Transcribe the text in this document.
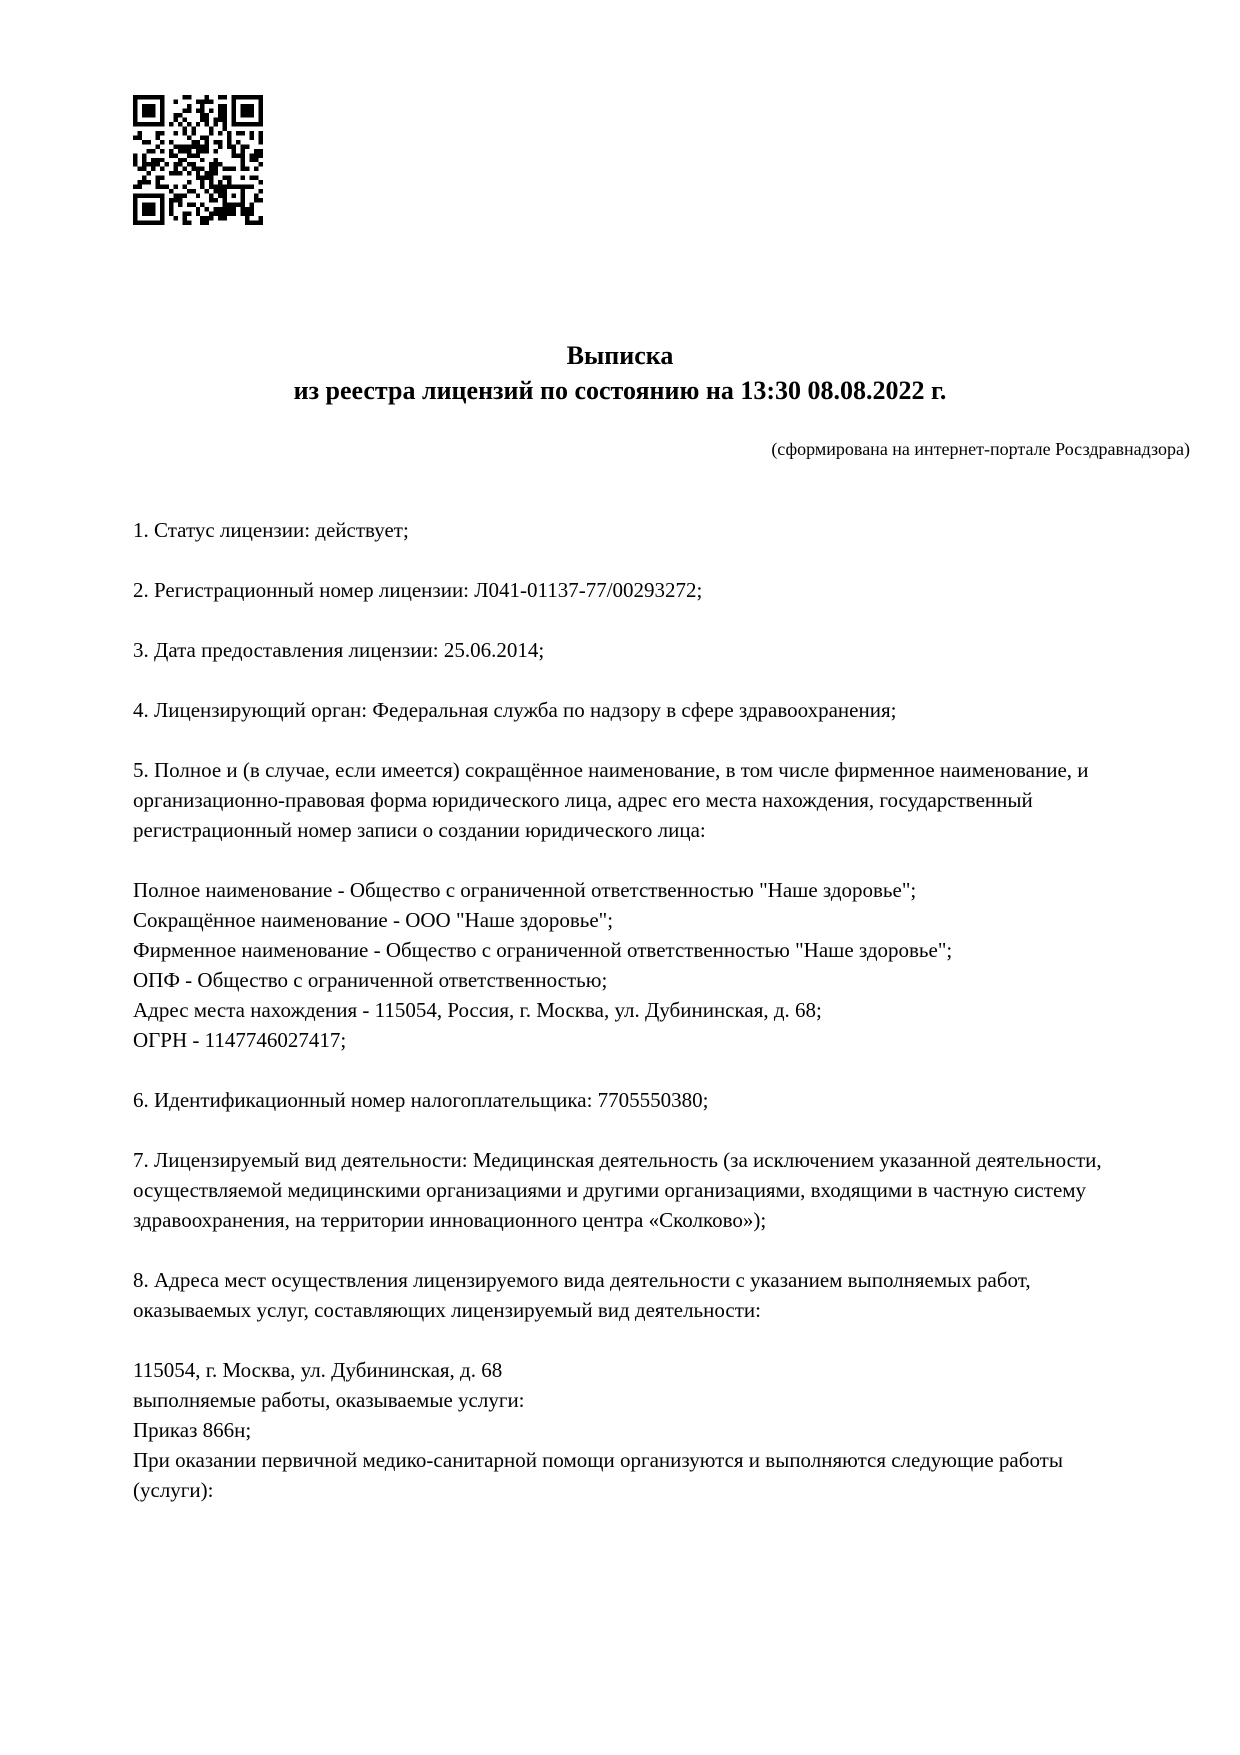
Выписка
из реестра лицензий по состоянию на 13:30 08.08.2022 г.
(сформирована на интернет-портале Росздравнадзора)
1. Статус лицензии: действует;
2. Регистрационный номер лицензии: Л041-01137-77/00293272;
3. Дата предоставления лицензии: 25.06.2014;
4. Лицензирующий орган: Федеральная служба по надзору в сфере здравоохранения;
5. Полное и (в случае, если имеется) сокращённое наименование, в том числе фирменное наименование, и организационно-правовая форма юридического лица, адрес его места нахождения, государственный регистрационный номер записи о создании юридического лица:
Полное наименование - Общество с ограниченной ответственностью "Наше здоровье";
Сокращённое наименование - ООО "Наше здоровье";
Фирменное наименование - Общество с ограниченной ответственностью "Наше здоровье";
ОПФ - Общество с ограниченной ответственностью;
Адрес места нахождения - 115054, Россия, г. Москва, ул. Дубининская, д. 68;
ОГРН - 1147746027417;
6. Идентификационный номер налогоплательщика: 7705550380;
7. Лицензируемый вид деятельности: Медицинская деятельность (за исключением указанной деятельности, осуществляемой медицинскими организациями и другими организациями, входящими в частную систему здравоохранения, на территории инновационного центра «Сколково»);
8. Адреса мест осуществления лицензируемого вида деятельности с указанием выполняемых работ, оказываемых услуг, составляющих лицензируемый вид деятельности:
115054, г. Москва, ул. Дубининская, д. 68
выполняемые работы, оказываемые услуги:
Приказ 866н;
При оказании первичной медико-санитарной помощи организуются и выполняются следующие работы (услуги):
